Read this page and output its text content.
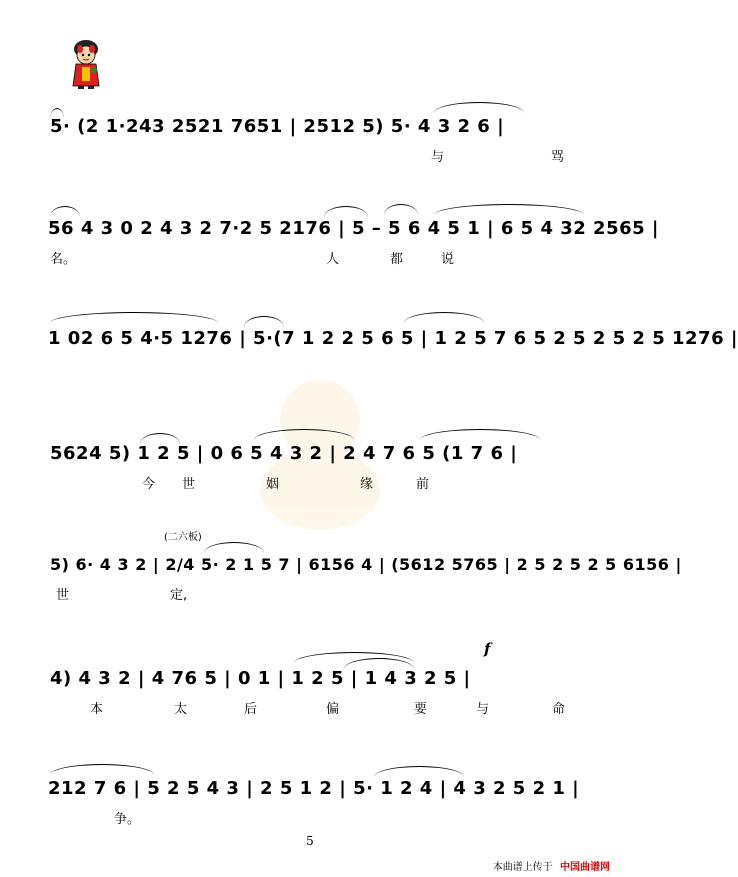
5· (2 1·243 2521 7651 | 2512 5) 5· 4 3 2 6 |
与	骂
56 4 3 0 2 4 3 2 7·2 5 2176 | 5 – 5 6 4 5 1 | 6 5 4 32 2565 |
名。	人	都	说
1 02 6 5 4·5 1276 | 5·(7 1 2 2 5 6 5 | 1 2 5 7 6 5 2 5 2 5 2 5 1276 |
5624 5) 1 2 5 | 0 6 5 4 3 2 | 2 4 7 6 5 (1 7 6 |
今 世	姻	缘	前
(二六板)
5) 6· 4 3 2 | 2/4 5· 2 1 5 7 | 6156 4 | (5612 5765 | 2 5 2 5 2 5 6156 |
世	定,
f
4) 4 3 2 | 4 76 5 | 0 1 | 1 2 5 | 1 4 3 2 5 |
本	太	后	偏	要	与	命
212 7 6 | 5 2 5 4 3 | 2 5 1 2 | 5· 1 2 4 | 4 3 2 5 2 1 |
争。
5
本曲谱上传于 中国曲谱网
